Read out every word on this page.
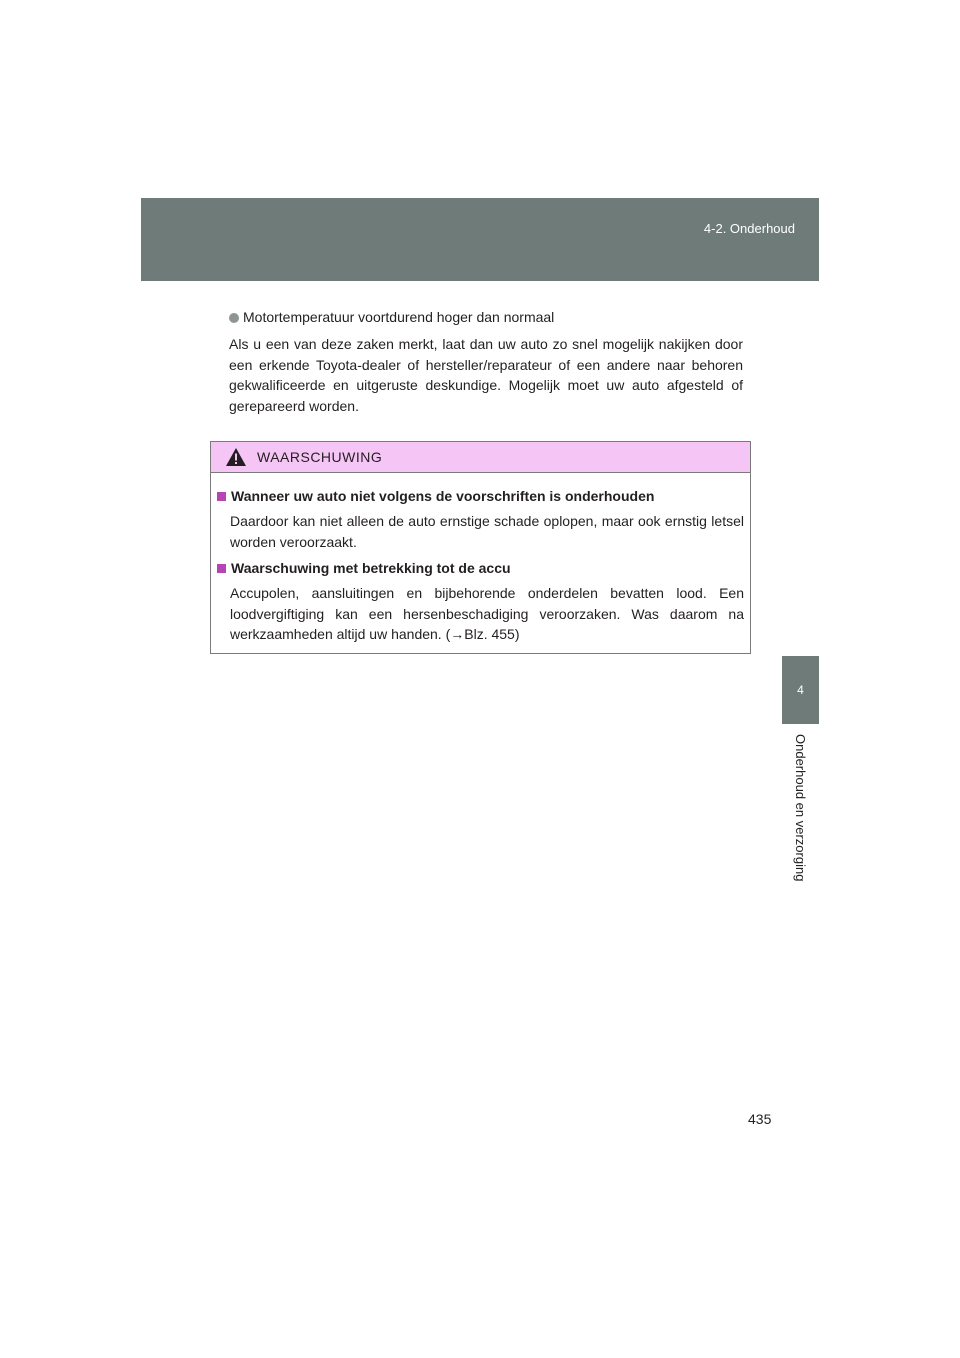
4-2. Onderhoud
4
Onderhoud en verzorging
Motortemperatuur voortdurend hoger dan normaal
Als u een van deze zaken merkt, laat dan uw auto zo snel mogelijk nakijken door een erkende Toyota-dealer of hersteller/reparateur of een andere naar behoren gekwalificeerde en uitgeruste deskundige. Mogelijk moet uw auto afgesteld of gerepareerd worden.
WAARSCHUWING
Wanneer uw auto niet volgens de voorschriften is onderhouden
Daardoor kan niet alleen de auto ernstige schade oplopen, maar ook ernstig letsel worden veroorzaakt.
Waarschuwing met betrekking tot de accu
Accupolen, aansluitingen en bijbehorende onderdelen bevatten lood. Een loodvergiftiging kan een hersenbeschadiging veroorzaken. Was daarom na werkzaamheden altijd uw handen. (→Blz. 455)
435
